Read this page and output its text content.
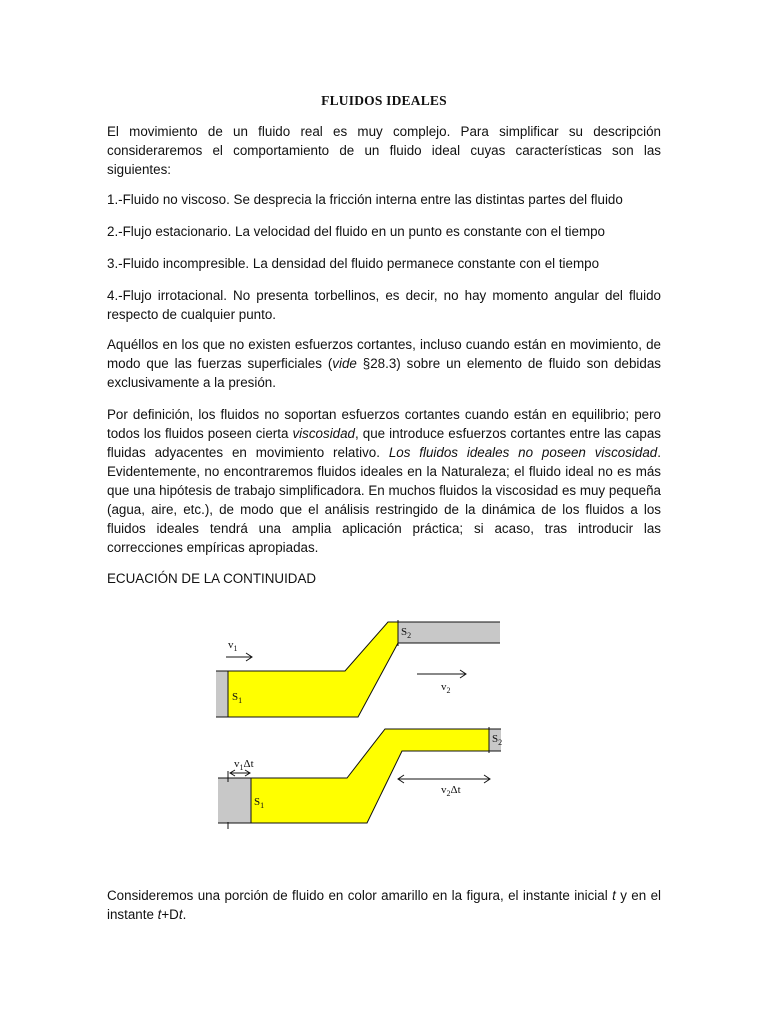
FLUIDOS IDEALES

El movimiento de un fluido real es muy complejo. Para simplificar su descripción consideraremos el comportamiento de un fluido ideal cuyas características son las siguientes:

1.-Fluido no viscoso. Se desprecia la fricción interna entre las distintas partes del fluido

2.-Flujo estacionario. La velocidad del fluido en un punto es constante con el tiempo

3.-Fluido incompresible. La densidad del fluido permanece constante con el tiempo

4.-Flujo irrotacional. No presenta torbellinos, es decir, no hay momento angular del fluido respecto de cualquier punto.

Aquéllos en los que no existen esfuerzos cortantes, incluso cuando están en movimiento, de modo que las fuerzas superficiales (vide §28.3) sobre un elemento de fluido son debidas exclusivamente a la presión.

Por definición, los fluidos no soportan esfuerzos cortantes cuando están en equilibrio; pero todos los fluidos poseen cierta viscosidad, que introduce esfuerzos cortantes entre las capas fluidas adyacentes en movimiento relativo. Los fluidos ideales no poseen viscosidad. Evidentemente, no encontraremos fluidos ideales en la Naturaleza; el fluido ideal no es más que una hipótesis de trabajo simplificadora. En muchos fluidos la viscosidad es muy pequeña (agua, aire, etc.), de modo que el análisis restringido de la dinámica de los fluidos a los fluidos ideales tendrá una amplia aplicación práctica; si acaso, tras introducir las correcciones empíricas apropiadas.

ECUACIÓN DE LA CONTINUIDAD

Consideremos una porción de fluido en color amarillo en la figura, el instante inicial t y en el instante t+Dt.

$S_1$
$S_2$
$v_1$
$v_2$
$S_1$
$S_2$
$v_1\Delta t$
$v_2\Delta t$
